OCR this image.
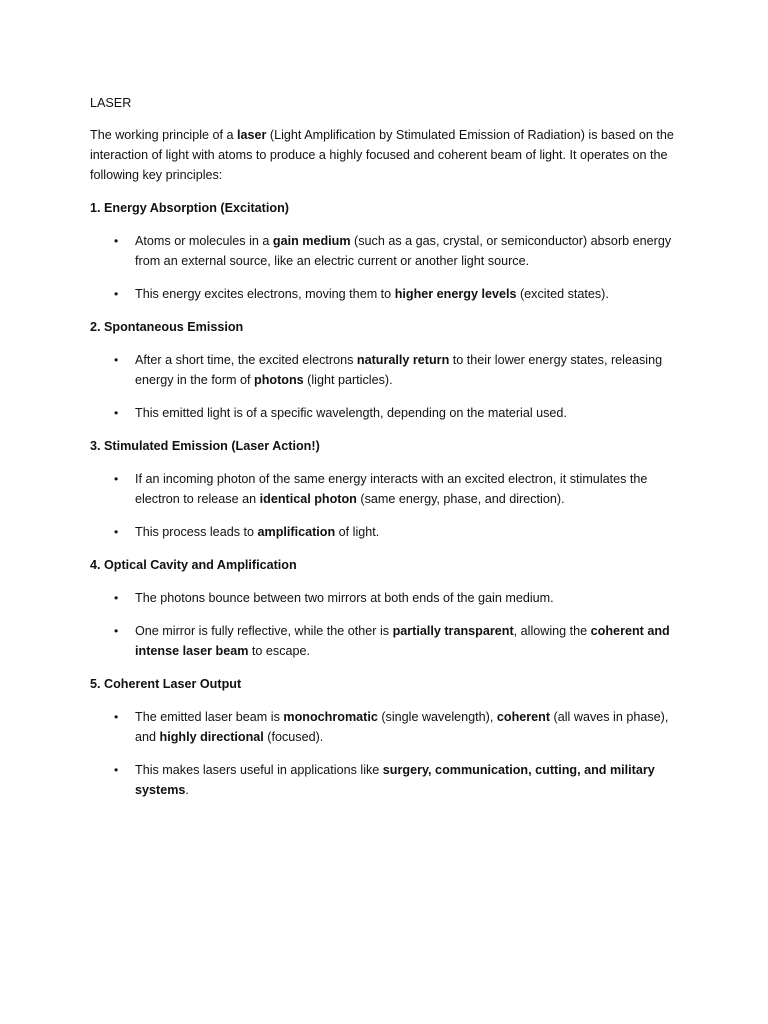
LASER

The working principle of a laser (Light Amplification by Stimulated Emission of Radiation) is based on the interaction of light with atoms to produce a highly focused and coherent beam of light. It operates on the following key principles:

1. Energy Absorption (Excitation)

• Atoms or molecules in a gain medium (such as a gas, crystal, or semiconductor) absorb energy from an external source, like an electric current or another light source.
• This energy excites electrons, moving them to higher energy levels (excited states).

2. Spontaneous Emission

• After a short time, the excited electrons naturally return to their lower energy states, releasing energy in the form of photons (light particles).
• This emitted light is of a specific wavelength, depending on the material used.

3. Stimulated Emission (Laser Action!)

• If an incoming photon of the same energy interacts with an excited electron, it stimulates the electron to release an identical photon (same energy, phase, and direction).
• This process leads to amplification of light.

4. Optical Cavity and Amplification

• The photons bounce between two mirrors at both ends of the gain medium.
• One mirror is fully reflective, while the other is partially transparent, allowing the coherent and intense laser beam to escape.

5. Coherent Laser Output

• The emitted laser beam is monochromatic (single wavelength), coherent (all waves in phase), and highly directional (focused).
• This makes lasers useful in applications like surgery, communication, cutting, and military systems.
